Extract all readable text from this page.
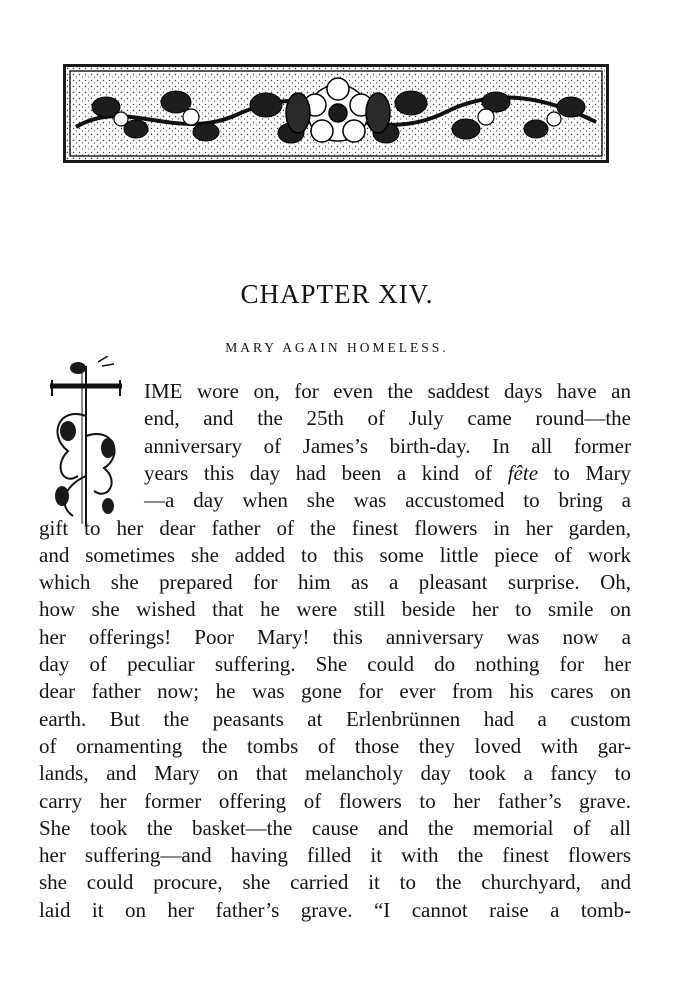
CHAPTER XIV.
MARY AGAIN HOMELESS.
IME wore on, for even the saddest days have an
end, and the 25th of July came round—the
anniversary of James’s birth-day. In all former
years this day had been a kind of fête to Mary
—a day when she was accustomed to bring a
gift to her dear father of the finest flowers in her garden,
and sometimes she added to this some little piece of work
which she prepared for him as a pleasant surprise. Oh,
how she wished that he were still beside her to smile on
her offerings! Poor Mary! this anniversary was now a
day of peculiar suffering. She could do nothing for her
dear father now; he was gone for ever from his cares on
earth. But the peasants at Erlenbrünnen had a custom
of ornamenting the tombs of those they loved with gar-
lands, and Mary on that melancholy day took a fancy to
carry her former offering of flowers to her father’s grave.
She took the basket—the cause and the memorial of all
her suffering—and having filled it with the finest flowers
she could procure, she carried it to the churchyard, and
laid it on her father’s grave. “I cannot raise a tomb-
